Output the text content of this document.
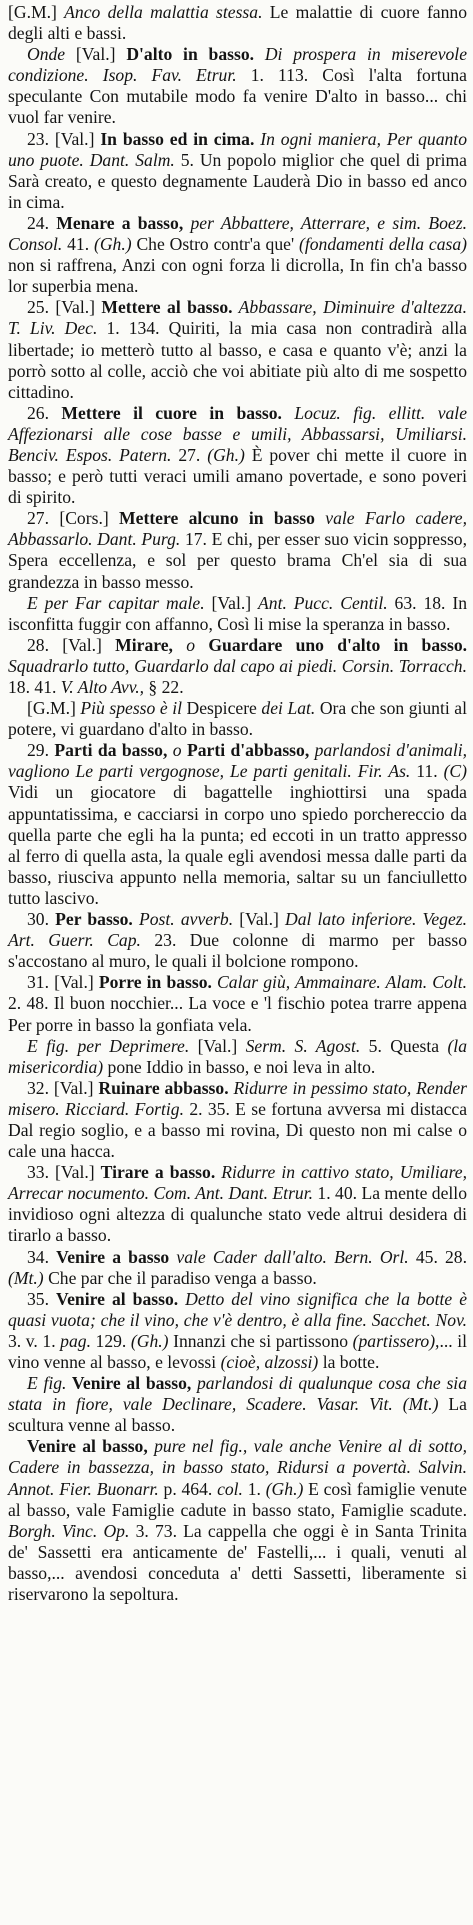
[G.M.] Anco della malattia stessa. Le malattie di cuore fanno degli alti e bassi.

Onde [Val.] D'alto in basso. Di prospera in miserevole condizione. Isop. Fav. Etrur. 1. 113. Così l'alta fortuna speculante Con mutabile modo fa venire D'alto in basso... chi vuol far venire.

23. [Val.] In basso ed in cima. In ogni maniera, Per quanto uno puote. Dant. Salm. 5. Un popolo miglior che quel di prima Sarà creato, e questo degnamente Lauderà Dio in basso ed anco in cima.

24. Menare a basso, per Abbattere, Atterrare, e sim. Boez. Consol. 41. (Gh.) Che Ostro contr'a que' (fondamenti della casa) non si raffrena, Anzi con ogni forza li dicrolla, In fin ch'a basso lor superbia mena.

25. [Val.] Mettere al basso. Abbassare, Diminuire d'altezza. T. Liv. Dec. 1. 134. Quiriti, la mia casa non contradirà alla libertade; io metterò tutto al basso, e casa e quanto v'è; anzi la porrò sotto al colle, acciò che voi abitiate più alto di me sospetto cittadino.

26. Mettere il cuore in basso. Locuz. fig. ellitt. vale Affezionarsi alle cose basse e umili, Abbassarsi, Umiliarsi. Benciv. Espos. Patern. 27. (Gh.) È pover chi mette il cuore in basso; e però tutti veraci umili amano povertade, e sono poveri di spirito.

27. [Cors.] Mettere alcuno in basso vale Farlo cadere, Abbassarlo. Dant. Purg. 17. E chi, per esser suo vicin soppresso, Spera eccellenza, e sol per questo brama Ch'el sia di sua grandezza in basso messo.

E per Far capitar male. [Val.] Ant. Pucc. Centil. 63. 18. In isconfitta fuggir con affanno, Così li mise la speranza in basso.

28. [Val.] Mirare, o Guardare uno d'alto in basso. Squadrarlo tutto, Guardarlo dal capo ai piedi. Corsin. Torracch. 18. 41. V. Alto Avv., § 22.

[G.M.] Più spesso è il Despicere dei Lat. Ora che son giunti al potere, vi guardano d'alto in basso.

29. Parti da basso, o Parti d'abbasso, parlandosi d'animali, vagliono Le parti vergognose, Le parti genitali. Fir. As. 11. (C) Vidi un giocatore di bagattelle inghiottirsi una spada appuntatissima, e cacciarsi in corpo uno spiedo porchereccio da quella parte che egli ha la punta; ed eccoti in un tratto appresso al ferro di quella asta, la quale egli avendosi messa dalle parti da basso, riusciva appunto nella memoria, saltar su un fanciulletto tutto lascivo.

30. Per basso. Post. avverb. [Val.] Dal lato inferiore. Vegez. Art. Guerr. Cap. 23. Due colonne di marmo per basso s'accostano al muro, le quali il bolcione rompono.

31. [Val.] Porre in basso. Calar giù, Ammainare. Alam. Colt. 2. 48. Il buon nocchier... La voce e 'l fischio potea trarre appena Per porre in basso la gonfiata vela.

E fig. per Deprimere. [Val.] Serm. S. Agost. 5. Questa (la misericordia) pone Iddio in basso, e noi leva in alto.

32. [Val.] Ruinare abbasso. Ridurre in pessimo stato, Render misero. Ricciard. Fortig. 2. 35. E se fortuna avversa mi distacca Dal regio soglio, e a basso mi rovina, Di questo non mi calse o cale una hacca.

33. [Val.] Tirare a basso. Ridurre in cattivo stato, Umiliare, Arrecar nocumento. Com. Ant. Dant. Etrur. 1. 40. La mente dello invidioso ogni altezza di qualunche stato vede altrui desidera di tirarlo a basso.

34. Venire a basso vale Cader dall'alto. Bern. Orl. 45. 28. (Mt.) Che par che il paradiso venga a basso.

35. Venire al basso. Detto del vino significa che la botte è quasi vuota; che il vino, che v'è dentro, è alla fine. Sacchet. Nov. 3. v. 1. pag. 129. (Gh.) Innanzi che si partissono (partissero),... il vino venne al basso, e levossi (cioè, alzossi) la botte.

E fig. Venire al basso, parlandosi di qualunque cosa che sia stata in fiore, vale Declinare, Scadere. Vasar. Vit. (Mt.) La scultura venne al basso.

Venire al basso, pure nel fig., vale anche Venire al di sotto, Cadere in bassezza, in basso stato, Ridursi a povertà. Salvin. Annot. Fier. Buonarr. p. 464. col. 1. (Gh.) E così famiglie venute al basso, vale Famiglie cadute in basso stato, Famiglie scadute. Borgh. Vinc. Op. 3. 73. La cappella che oggi è in Santa Trinita de' Sassetti era anticamente de' Fastelli,... i quali, venuti al basso,... avendosi conceduta a' detti Sassetti, liberamente si riservarono la sepoltura.
